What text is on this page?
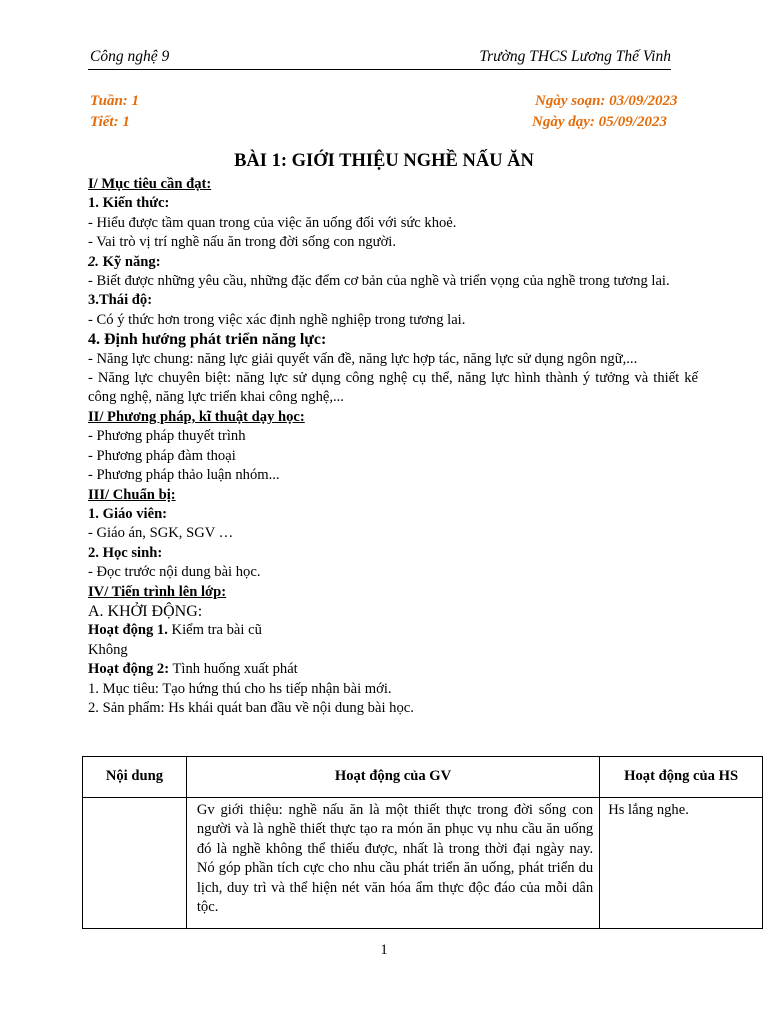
Công nghệ 9	Trường THCS Lương Thế Vinh
Tuần: 1
Tiết: 1
Ngày soạn: 03/09/2023
Ngày dạy: 05/09/2023
BÀI 1: GIỚI THIỆU NGHỀ NẤU ĂN

I/ Mục tiêu cần đạt:

1. Kiến thức:

- Hiểu được tầm quan trong của việc ăn uống đối với sức khoẻ.

- Vai trò vị trí nghề nấu ăn trong đời sống con người.

2. Kỹ năng:

- Biết được những yêu cầu, những đặc đểm cơ bản của nghề và triển vọng của nghề trong tương lai.

3.Thái độ:

- Có ý thức hơn trong việc xác định nghề nghiệp trong tương lai.

4. Định hướng phát triển năng lực:

- Năng lực chung: năng lực giải quyết vấn đề, năng lực hợp tác, năng lực sử dụng ngôn ngữ,...

- Năng lực chuyên biệt: năng lực sử dụng công nghệ cụ thể, năng lực hình thành ý tưởng và thiết kế công nghệ, năng lực triển khai công nghệ,...

II/ Phương pháp, kĩ thuật dạy học:

- Phương pháp thuyết trình

- Phương pháp đàm thoại

- Phương pháp thảo luận nhóm...

III/ Chuẩn bị:

1. Giáo viên:

- Giáo án, SGK, SGV …

2. Học sinh:

- Đọc trước nội dung bài học.

IV/ Tiến trình lên lớp:

A. KHỞI ĐỘNG:

Hoạt động 1. Kiểm tra bài cũ

Không

Hoạt động 2: Tình huống xuất phát

1. Mục tiêu: Tạo hứng thú cho hs tiếp nhận bài mới.

2. Sản phẩm: Hs khái quát ban đầu về nội dung bài học.

Nội dung	Hoạt động của GV	Hoạt động của HS
	Gv giới thiệu: nghề nấu ăn là một thiết thực trong đời sống con người và là nghề thiết thực tạo ra món ăn phục vụ nhu cầu ăn uống đó là nghề không thể thiếu được, nhất là trong thời đại ngày nay. Nó góp phần tích cực cho nhu cầu phát triển ăn uống, phát triển du lịch, duy trì và thể hiện nét văn hóa ẩm thực độc đáo của mỗi dân tộc.	Hs lắng nghe.
1
